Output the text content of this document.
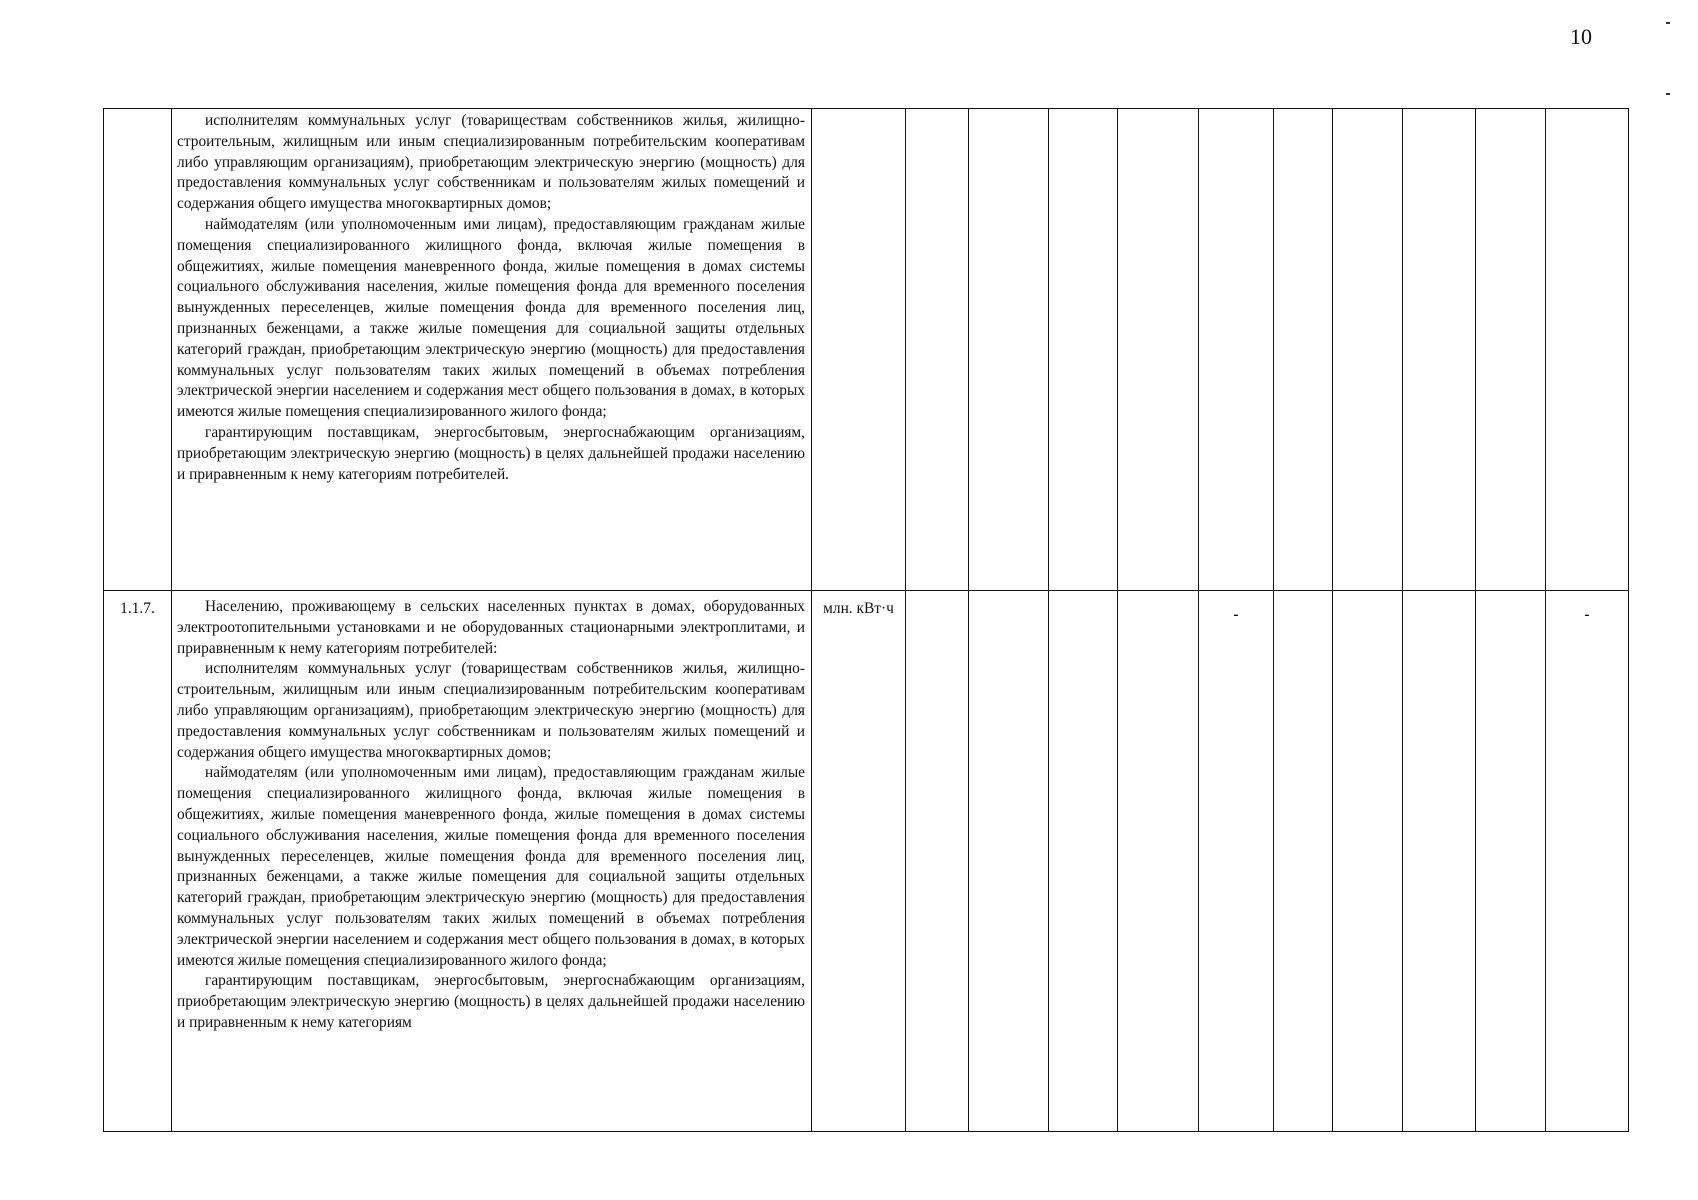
10

	исполнителям коммунальных услуг (товариществам собственников жилья, жилищно-строительным, жилищным или иным специализированным потребительским кооперативам либо управляющим организациям), приобретающим электрическую энергию (мощность) для предоставления коммунальных услуг собственникам и пользователям жилых помещений и содержания общего имущества многоквартирных домов;

наймодателям (или уполномоченным ими лицам), предоставляющим гражданам жилые помещения специализированного жилищного фонда, включая жилые помещения в общежитиях, жилые помещения маневренного фонда, жилые помещения в домах системы социального обслуживания населения, жилые помещения фонда для временного поселения вынужденных переселенцев, жилые помещения фонда для временного поселения лиц, признанных беженцами, а также жилые помещения для социальной защиты отдельных категорий граждан, приобретающим электрическую энергию (мощность) для предоставления коммунальных услуг пользователям таких жилых помещений в объемах потребления электрической энергии населением и содержания мест общего пользования в домах, в которых имеются жилые помещения специализированного жилого фонда;

гарантирующим поставщикам, энергосбытовым, энергоснабжающим организациям, приобретающим электрическую энергию (мощность) в целях дальнейшей продажи населению и приравненным к нему категориям потребителей.											

1.1.7.	Населению, проживающему в сельских населенных пунктах в домах, оборудованных электроотопительными установками и не оборудованных стационарными электроплитами, и приравненным к нему категориям потребителей:

исполнителям коммунальных услуг (товариществам собственников жилья, жилищно-строительным, жилищным или иным специализированным потребительским кооперативам либо управляющим организациям), приобретающим электрическую энергию (мощность) для предоставления коммунальных услуг собственникам и пользователям жилых помещений и содержания общего имущества многоквартирных домов;

наймодателям (или уполномоченным ими лицам), предоставляющим гражданам жилые помещения специализированного жилищного фонда, включая жилые помещения в общежитиях, жилые помещения маневренного фонда, жилые помещения в домах системы социального обслуживания населения, жилые помещения фонда для временного поселения вынужденных переселенцев, жилые помещения фонда для временного поселения лиц, признанных беженцами, а также жилые помещения для социальной защиты отдельных категорий граждан, приобретающим электрическую энергию (мощность) для предоставления коммунальных услуг пользователям таких жилых помещений в объемах потребления электрической энергии населением и содержания мест общего пользования в домах, в которых имеются жилые помещения специализированного жилого фонда;

гарантирующим поставщикам, энергосбытовым, энергоснабжающим организациям, приобретающим электрическую энергию (мощность) в целях дальнейшей продажи населению и приравненным к нему категориям	млн. кВт·ч					-					-
